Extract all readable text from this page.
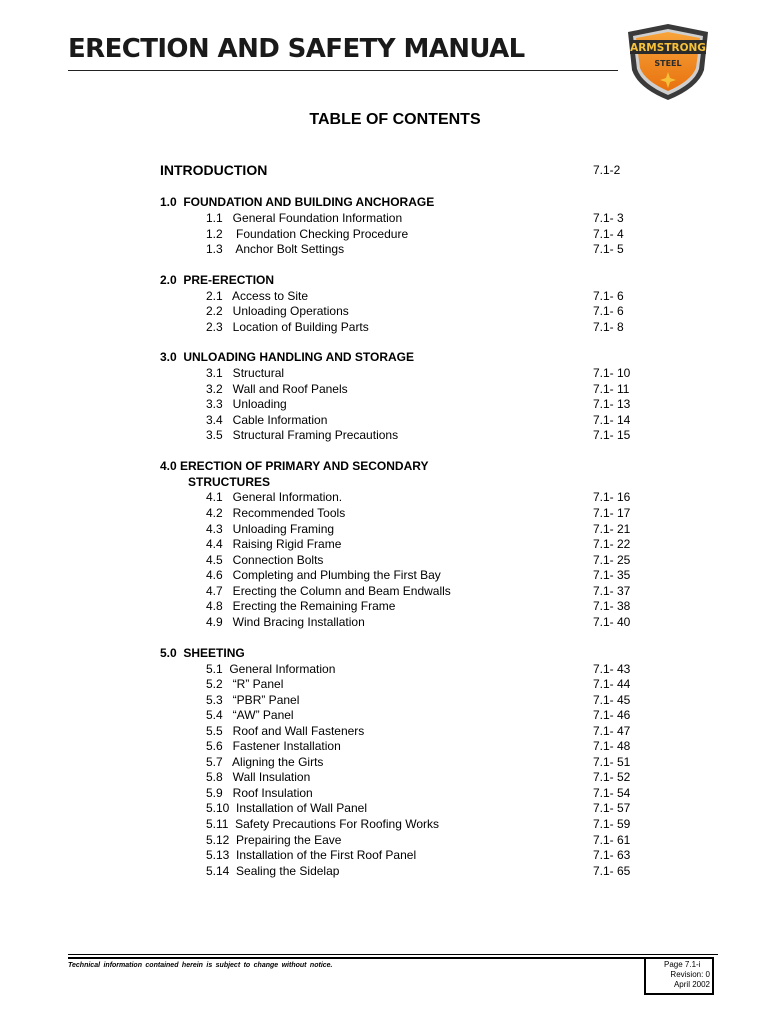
ERECTION AND SAFETY MANUAL	ARMSTRONG
STEEL
TABLE OF CONTENTS
INTRODUCTION	7.1-2
1.0  FOUNDATION AND BUILDING ANCHORAGE
1.1   General Foundation Information	7.1- 3
1.2    Foundation Checking Procedure	7.1- 4
1.3    Anchor Bolt Settings	7.1- 5
2.0  PRE-ERECTION
2.1   Access to Site	7.1- 6
2.2   Unloading Operations	7.1- 6
2.3   Location of Building Parts	7.1- 8
3.0  UNLOADING HANDLING AND STORAGE
3.1   Structural	7.1- 10
3.2   Wall and Roof Panels	7.1- 11
3.3   Unloading	7.1- 13
3.4   Cable Information	7.1- 14
3.5   Structural Framing Precautions	7.1- 15
4.0 ERECTION OF PRIMARY AND SECONDARY
STRUCTURES
4.1   General Information.	7.1- 16
4.2   Recommended Tools	7.1- 17
4.3   Unloading Framing	7.1- 21
4.4   Raising Rigid Frame	7.1- 22
4.5   Connection Bolts	7.1- 25
4.6   Completing and Plumbing the First Bay	7.1- 35
4.7   Erecting the Column and Beam Endwalls	7.1- 37
4.8   Erecting the Remaining Frame	7.1- 38
4.9   Wind Bracing Installation	7.1- 40
5.0  SHEETING
5.1  General Information	7.1- 43
5.2   “R” Panel	7.1- 44
5.3   “PBR” Panel	7.1- 45
5.4   “AW” Panel	7.1- 46
5.5   Roof and Wall Fasteners	7.1- 47
5.6   Fastener Installation	7.1- 48
5.7   Aligning the Girts	7.1- 51
5.8   Wall Insulation	7.1- 52
5.9   Roof Insulation	7.1- 54
5.10  Installation of Wall Panel	7.1- 57
5.11  Safety Precautions For Roofing Works	7.1- 59
5.12  Prepairing the Eave	7.1- 61
5.13  Installation of the First Roof Panel	7.1- 63
5.14  Sealing the Sidelap	7.1- 65
Technical information contained herein is subject to change without notice.	Page 7.1-i
Revision: 0
April 2002
